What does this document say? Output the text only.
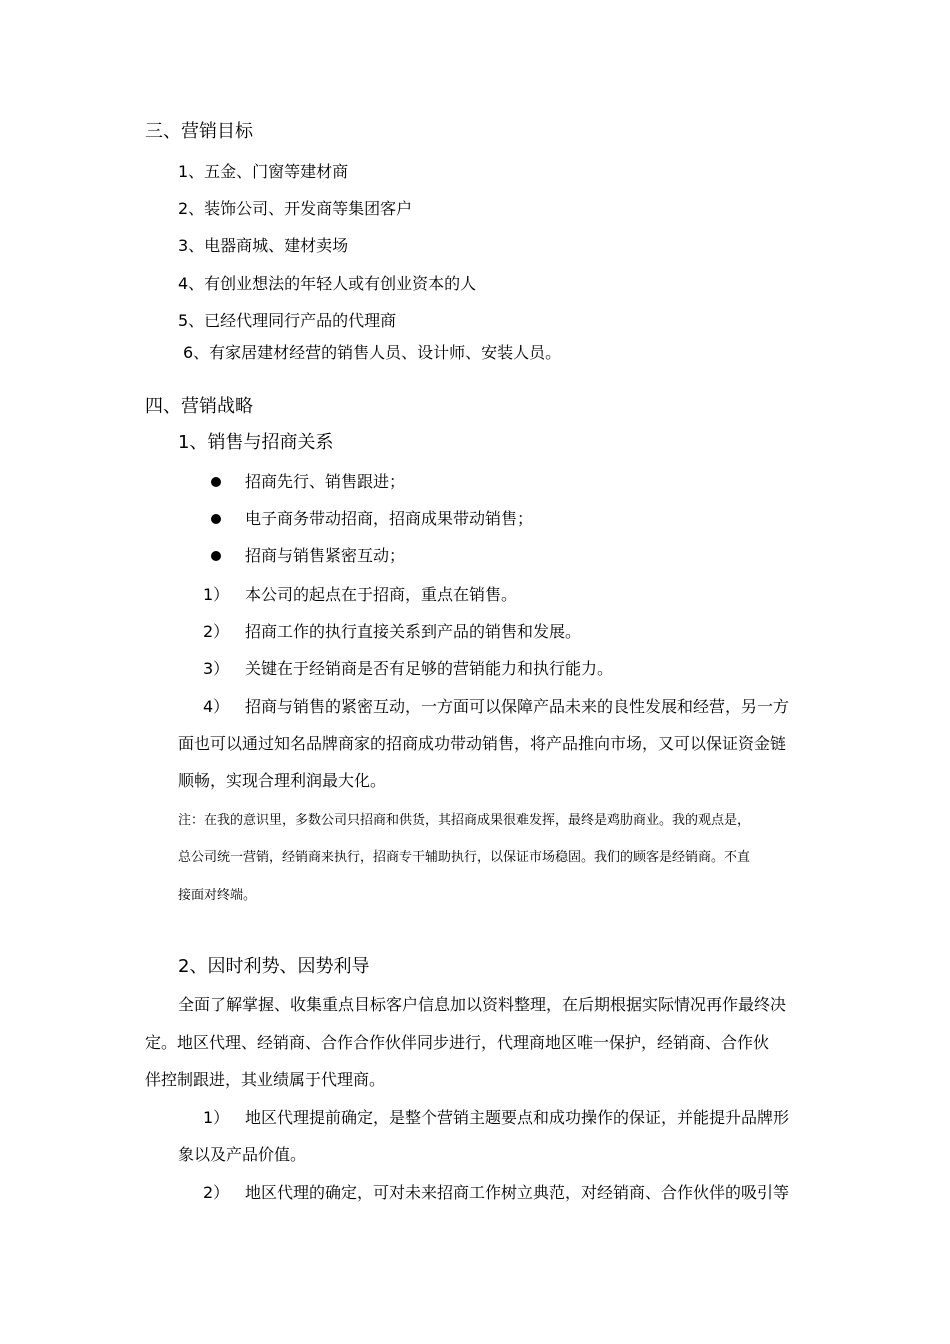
三、营销目标
1、五金、门窗等建材商
2、装饰公司、开发商等集团客户
3、电器商城、建材卖场
4、有创业想法的年轻人或有创业资本的人
5、已经代理同行产品的代理商
6、有家居建材经营的销售人员、设计师、安装人员。
四、营销战略
1、销售与招商关系
招商先行、销售跟进；
电子商务带动招商，招商成果带动销售；
招商与销售紧密互动；
1） 本公司的起点在于招商，重点在销售。
2） 招商工作的执行直接关系到产品的销售和发展。
3） 关键在于经销商是否有足够的营销能力和执行能力。
4） 招商与销售的紧密互动，一方面可以保障产品未来的良性发展和经营，另一方
面也可以通过知名品牌商家的招商成功带动销售，将产品推向市场，又可以保证资金链
顺畅，实现合理利润最大化。
注：在我的意识里，多数公司只招商和供货，其招商成果很难发挥，最终是鸡肋商业。我的观点是，
总公司统一营销，经销商来执行，招商专干辅助执行，以保证市场稳固。我们的顾客是经销商。不直
接面对终端。
2、因时利势、因势利导
全面了解掌握、收集重点目标客户信息加以资料整理，在后期根据实际情况再作最终决
定。地区代理、经销商、合作合作伙伴同步进行，代理商地区唯一保护，经销商、合作伙
伴控制跟进，其业绩属于代理商。
1） 地区代理提前确定，是整个营销主题要点和成功操作的保证，并能提升品牌形
象以及产品价值。
2） 地区代理的确定，可对未来招商工作树立典范，对经销商、合作伙伴的吸引等
